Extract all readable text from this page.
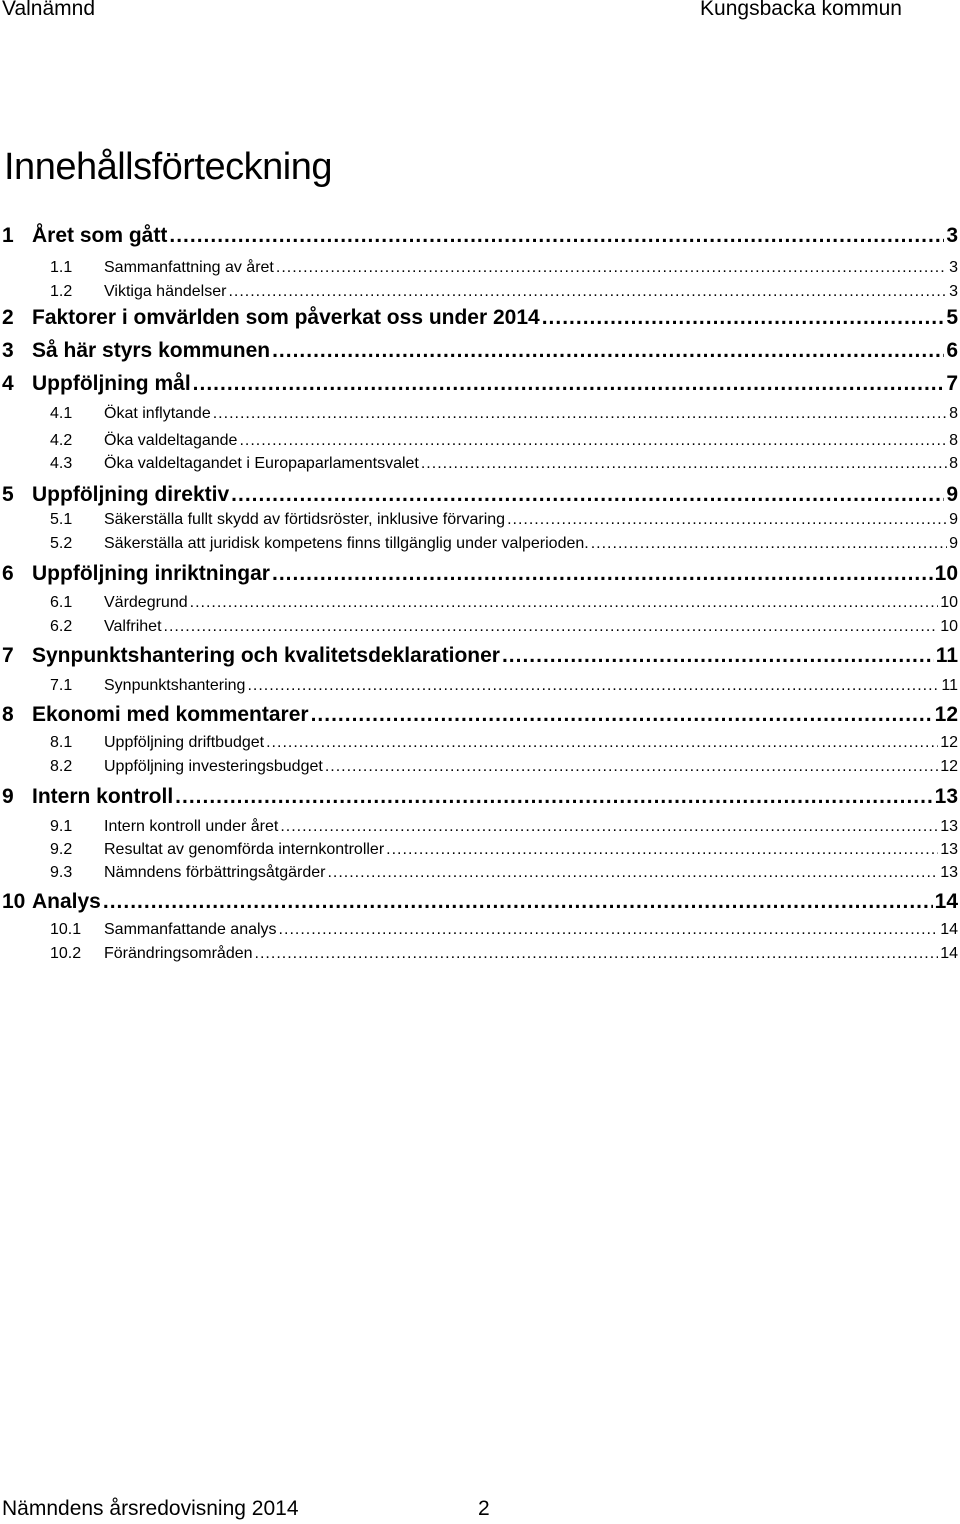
Valnämnd	Kungsbacka kommun
Innehållsförteckning
1 Året som gått .....	3
1.1	Sammanfattning av året .....	3
1.2	Viktiga händelser .....	3
2 Faktorer i omvärlden som påverkat oss under 2014 .....	5
3 Så här styrs kommunen .....	6
4 Uppföljning mål .....	7
4.1	Ökat inflytande .....	8
4.2	Öka valdeltagande .....	8
4.3	Öka valdeltagandet i Europaparlamentsvalet .....	8
5 Uppföljning direktiv .....	9
5.1	Säkerställa fullt skydd av förtidsröster, inklusive förvaring .....	9
5.2	Säkerställa att juridisk kompetens finns tillgänglig under valperioden. .....	9
6 Uppföljning inriktningar .....	10
6.1	Värdegrund .....	10
6.2	Valfrihet .....	10
7 Synpunktshantering och kvalitetsdeklarationer .....	11
7.1	Synpunktshantering .....	11
8 Ekonomi med kommentarer .....	12
8.1	Uppföljning driftbudget .....	12
8.2	Uppföljning investeringsbudget .....	12
9 Intern kontroll .....	13
9.1	Intern kontroll under året .....	13
9.2	Resultat av genomförda internkontroller .....	13
9.3	Nämndens förbättringsåtgärder .....	13
10 Analys .....	14
10.1	Sammanfattande analys .....	14
10.2	Förändringsområden .....	14
Nämndens årsredovisning 2014	2
